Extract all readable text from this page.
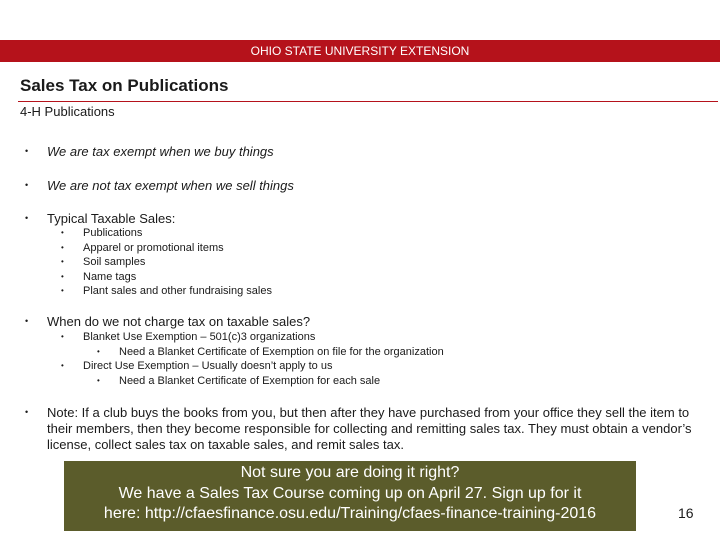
OHIO STATE UNIVERSITY EXTENSION
Sales Tax on Publications
4-H Publications
• We are tax exempt when we buy things
• We are not tax exempt when we sell things
• Typical Taxable Sales:
• Publications
• Apparel or promotional items
• Soil samples
• Name tags
• Plant sales and other fundraising sales
• When do we not charge tax on taxable sales?
• Blanket Use Exemption – 501(c)3 organizations
• Need a Blanket Certificate of Exemption on file for the organization
• Direct Use Exemption – Usually doesn’t apply to us
• Need a Blanket Certificate of Exemption for each sale
• Note: If a club buys the books from you, but then after they have purchased from your office they sell the item to their members, then they become responsible for collecting and remitting sales tax. They must obtain a vendor’s license, collect sales tax on taxable sales, and remit sales tax.
Not sure you are doing it right?
We have a Sales Tax Course coming up on April 27. Sign up for it
here: http://cfaesfinance.osu.edu/Training/cfaes-finance-training-2016	16
